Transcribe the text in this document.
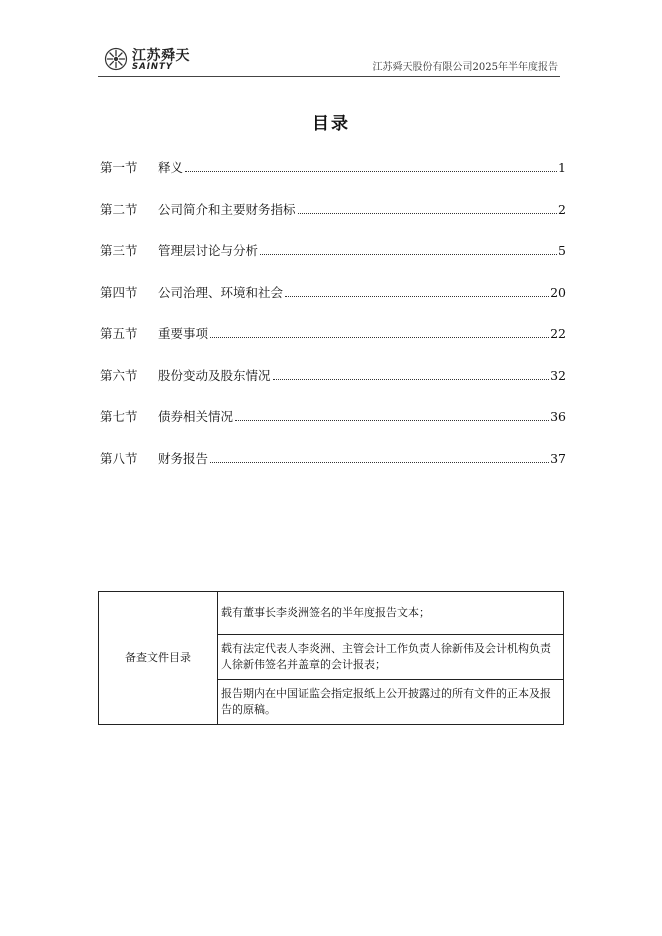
江苏舜天
SAINTY	江苏舜天股份有限公司2025年半年度报告
目录
第一节	释义	1
第二节	公司简介和主要财务指标	2
第三节	管理层讨论与分析	5
第四节	公司治理、环境和社会	20
第五节	重要事项	22
第六节	股份变动及股东情况	32
第七节	债券相关情况	36
第八节	财务报告	37
备查文件目录	载有董事长李炎洲签名的半年度报告文本；
载有法定代表人李炎洲、主管会计工作负责人徐新伟及会计机构负责人徐新伟签名并盖章的会计报表；
报告期内在中国证监会指定报纸上公开披露过的所有文件的正本及报告的原稿。
